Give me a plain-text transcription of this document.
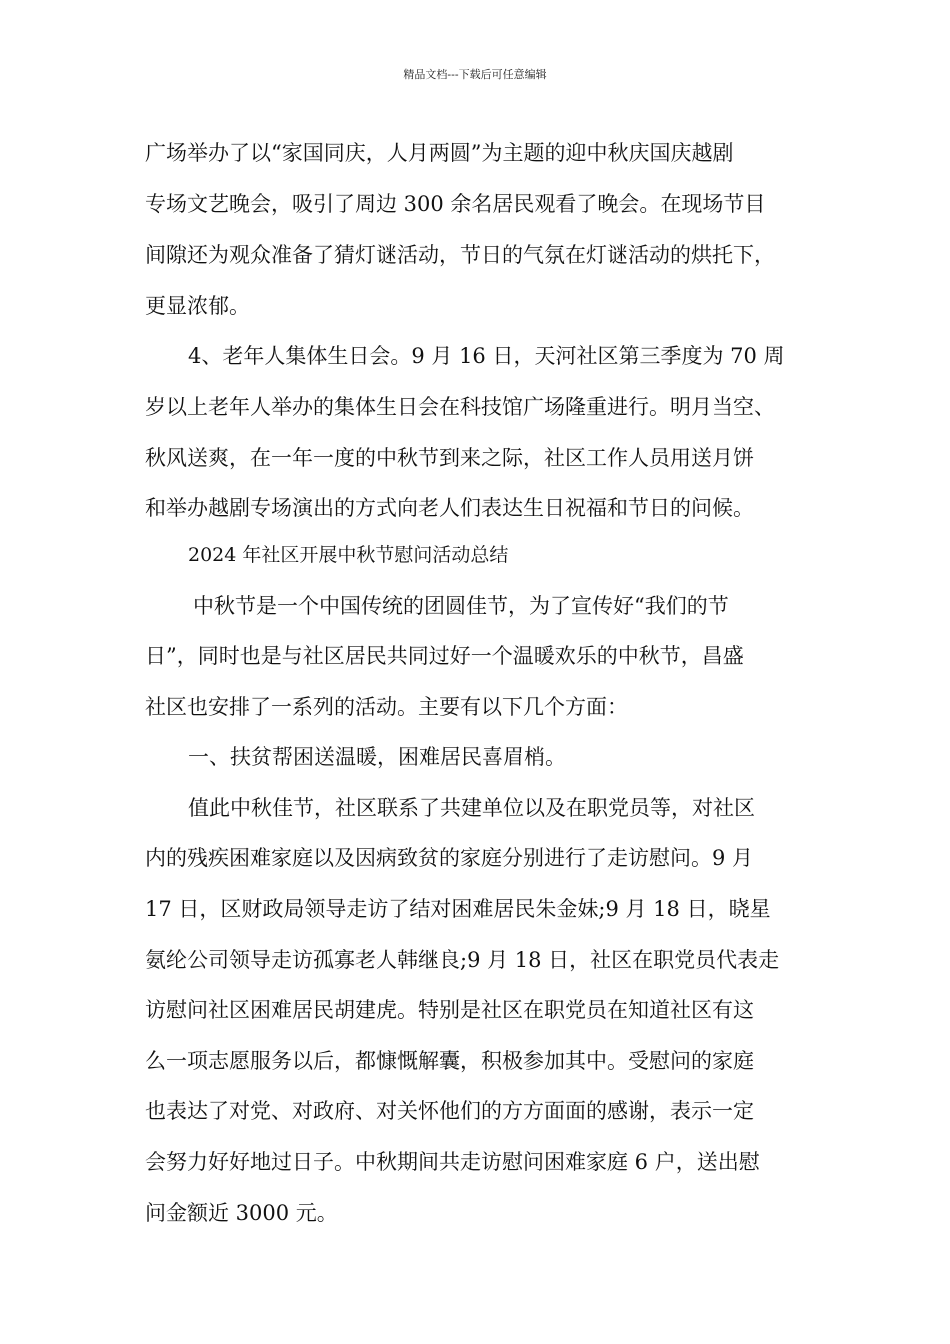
精品文档---下载后可任意编辑
广场举办了以“家国同庆，人月两圆”为主题的迎中秋庆国庆越剧
专场文艺晚会，吸引了周边 300 余名居民观看了晚会。在现场节目
间隙还为观众准备了猜灯谜活动，节日的气氛在灯谜活动的烘托下，
更显浓郁。
4、老年人集体生日会。9 月 16 日，天河社区第三季度为 70 周
岁以上老年人举办的集体生日会在科技馆广场隆重进行。明月当空、
秋风送爽，在一年一度的中秋节到来之际，社区工作人员用送月饼
和举办越剧专场演出的方式向老人们表达生日祝福和节日的问候。
2024 年社区开展中秋节慰问活动总结
中秋节是一个中国传统的团圆佳节，为了宣传好“我们的节
日”，同时也是与社区居民共同过好一个温暖欢乐的中秋节，昌盛
社区也安排了一系列的活动。主要有以下几个方面：
一、扶贫帮困送温暖，困难居民喜眉梢。
值此中秋佳节，社区联系了共建单位以及在职党员等，对社区
内的残疾困难家庭以及因病致贫的家庭分别进行了走访慰问。9 月
17 日，区财政局领导走访了结对困难居民朱金妹;9 月 18 日，晓星
氨纶公司领导走访孤寡老人韩继良;9 月 18 日，社区在职党员代表走
访慰问社区困难居民胡建虎。特别是社区在职党员在知道社区有这
么一项志愿服务以后，都慷慨解囊，积极参加其中。受慰问的家庭
也表达了对党、对政府、对关怀他们的方方面面的感谢，表示一定
会努力好好地过日子。中秋期间共走访慰问困难家庭 6 户，送出慰
问金额近 3000 元。
